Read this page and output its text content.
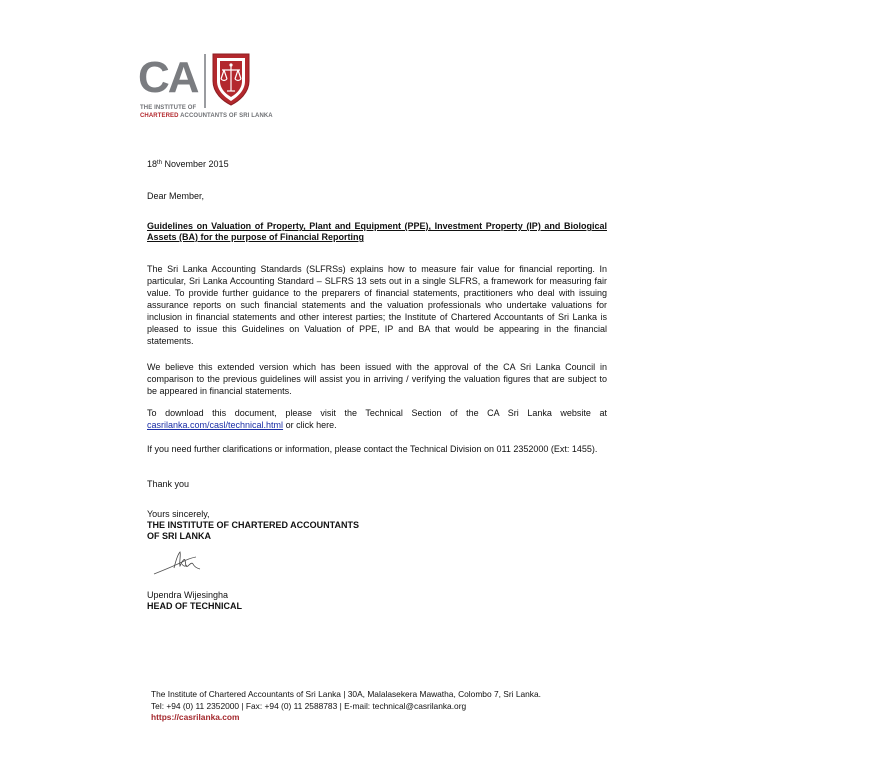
CA
THE INSTITUTE OF
CHARTERED ACCOUNTANTS OF SRI LANKA
18th November 2015
Dear Member,
Guidelines on Valuation of Property, Plant and Equipment (PPE), Investment Property (IP) and Biological Assets (BA) for the purpose of Financial Reporting
The Sri Lanka Accounting Standards (SLFRSs) explains how to measure fair value for financial reporting. In particular, Sri Lanka Accounting Standard – SLFRS 13 sets out in a single SLFRS, a framework for measuring fair value. To provide further guidance to the preparers of financial statements, practitioners who deal with issuing assurance reports on such financial statements and the valuation professionals who undertake valuations for inclusion in financial statements and other interest parties; the Institute of Chartered Accountants of Sri Lanka is pleased to issue this Guidelines on Valuation of PPE, IP and BA that would be appearing in the financial statements.
We believe this extended version which has been issued with the approval of the CA Sri Lanka Council in comparison to the previous guidelines will assist you in arriving / verifying the valuation figures that are subject to be appeared in financial statements.
To download this document, please visit the Technical Section of the CA Sri Lanka website at casrilanka.com/casl/technical.html or click here.
If you need further clarifications or information, please contact the Technical Division on 011 2352000 (Ext: 1455).
Thank you
Yours sincerely,
THE INSTITUTE OF CHARTERED ACCOUNTANTS
OF SRI LANKA
Upendra Wijesingha
HEAD OF TECHNICAL
The Institute of Chartered Accountants of Sri Lanka | 30A, Malalasekera Mawatha, Colombo 7, Sri Lanka.
Tel: +94 (0) 11 2352000 | Fax: +94 (0) 11 2588783 | E-mail: technical@casrilanka.org
https://casrilanka.com
